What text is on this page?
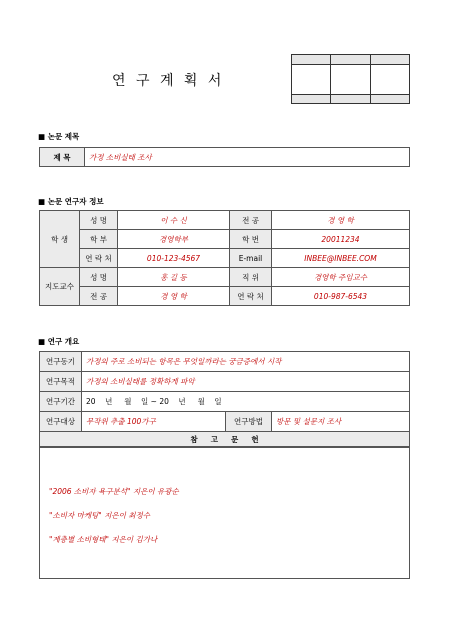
연 구 계 획 서

■ 논문 제목
제 목	가정 소비실태 조사
■ 논문 연구자 정보
학 생	성 명	이 수 신	전 공	경 영 학
	학 부	경영학부	학 번	20011234
	연 락 처	010-123-4567	E-mail	INBEE@INBEE.COM
지도교수	성 명	홍 길 동	직 위	경영학 주임교수
	전 공	경 영 학	연 락 처	010-987-6543
■ 연구 개요
연구동기	가정의 주로 소비되는 항목은 무엇일까라는 궁금증에서 시작		
연구목적	가정의 소비실태를 정확하게 파악		
연구기간	20    년     월    일 ~ 20    년     월    일		
연구대상	무작위 추출 100가구	연구방법	방문 및 설문지 조사
참     고     문     헌			
"2006 소비자 욕구분석" 지은이 유광순
"소비자 마케팅" 지은이 최정수
"계층별 소비형태" 지은이 김가나
